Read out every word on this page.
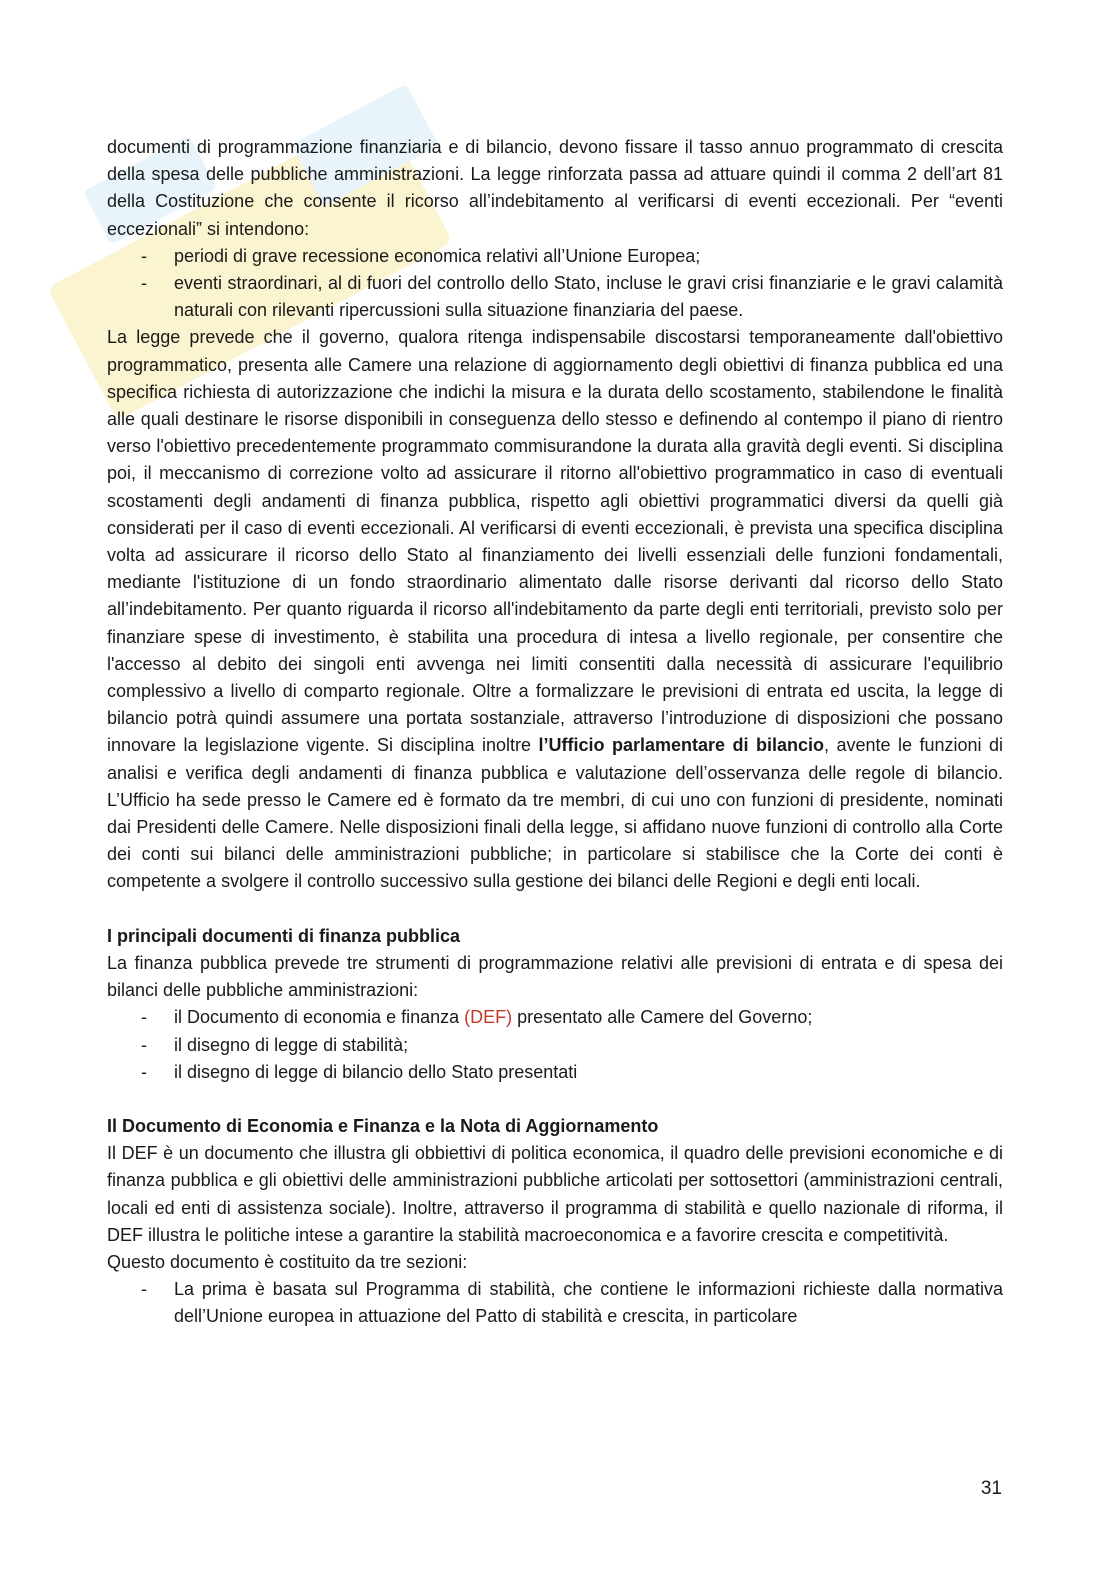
documenti di programmazione finanziaria e di bilancio, devono fissare il tasso annuo programmato di crescita della spesa delle pubbliche amministrazioni. La legge rinforzata passa ad attuare quindi il comma 2 dell’art 81 della Costituzione che consente il ricorso all’indebitamento al verificarsi di eventi eccezionali. Per “eventi eccezionali” si intendono:

- periodi di grave recessione economica relativi all’Unione Europea;
- eventi straordinari, al di fuori del controllo dello Stato, incluse le gravi crisi finanziarie e le gravi calamità naturali con rilevanti ripercussioni sulla situazione finanziaria del paese.

La legge prevede che il governo, qualora ritenga indispensabile discostarsi temporaneamente dall'obiettivo programmatico, presenta alle Camere una relazione di aggiornamento degli obiettivi di finanza pubblica ed una specifica richiesta di autorizzazione che indichi la misura e la durata dello scostamento, stabilendone le finalità alle quali destinare le risorse disponibili in conseguenza dello stesso e definendo al contempo il piano di rientro verso l'obiettivo precedentemente programmato commisurandone la durata alla gravità degli eventi. Si disciplina poi, il meccanismo di correzione volto ad assicurare il ritorno all'obiettivo programmatico in caso di eventuali scostamenti degli andamenti di finanza pubblica, rispetto agli obiettivi programmatici diversi da quelli già considerati per il caso di eventi eccezionali. Al verificarsi di eventi eccezionali, è prevista una specifica disciplina volta ad assicurare il ricorso dello Stato al finanziamento dei livelli essenziali delle funzioni fondamentali, mediante l'istituzione di un fondo straordinario alimentato dalle risorse derivanti dal ricorso dello Stato all’indebitamento. Per quanto riguarda il ricorso all'indebitamento da parte degli enti territoriali, previsto solo per finanziare spese di investimento, è stabilita una procedura di intesa a livello regionale, per consentire che l'accesso al debito dei singoli enti avvenga nei limiti consentiti dalla necessità di assicurare l'equilibrio complessivo a livello di comparto regionale. Oltre a formalizzare le previsioni di entrata ed uscita, la legge di bilancio potrà quindi assumere una portata sostanziale, attraverso l’introduzione di disposizioni che possano innovare la legislazione vigente. Si disciplina inoltre l’Ufficio parlamentare di bilancio, avente le funzioni di analisi e verifica degli andamenti di finanza pubblica e valutazione dell’osservanza delle regole di bilancio. L’Ufficio ha sede presso le Camere ed è formato da tre membri, di cui uno con funzioni di presidente, nominati dai Presidenti delle Camere. Nelle disposizioni finali della legge, si affidano nuove funzioni di controllo alla Corte dei conti sui bilanci delle amministrazioni pubbliche; in particolare si stabilisce che la Corte dei conti è competente a svolgere il controllo successivo sulla gestione dei bilanci delle Regioni e degli enti locali.

I principali documenti di finanza pubblica

La finanza pubblica prevede tre strumenti di programmazione relativi alle previsioni di entrata e di spesa dei bilanci delle pubbliche amministrazioni:

- il Documento di economia e finanza (DEF) presentato alle Camere del Governo;
- il disegno di legge di stabilità;
- il disegno di legge di bilancio dello Stato presentati

Il Documento di Economia e Finanza e la Nota di Aggiornamento

Il DEF è un documento che illustra gli obbiettivi di politica economica, il quadro delle previsioni economiche e di finanza pubblica e gli obiettivi delle amministrazioni pubbliche articolati per sottosettori (amministrazioni centrali, locali ed enti di assistenza sociale). Inoltre, attraverso il programma di stabilità e quello nazionale di riforma, il DEF illustra le politiche intese a garantire la stabilità macroeconomica e a favorire crescita e competitività.

Questo documento è costituito da tre sezioni:

- La prima è basata sul Programma di stabilità, che contiene le informazioni richieste dalla normativa dell’Unione europea in attuazione del Patto di stabilità e crescita, in particolare
31
